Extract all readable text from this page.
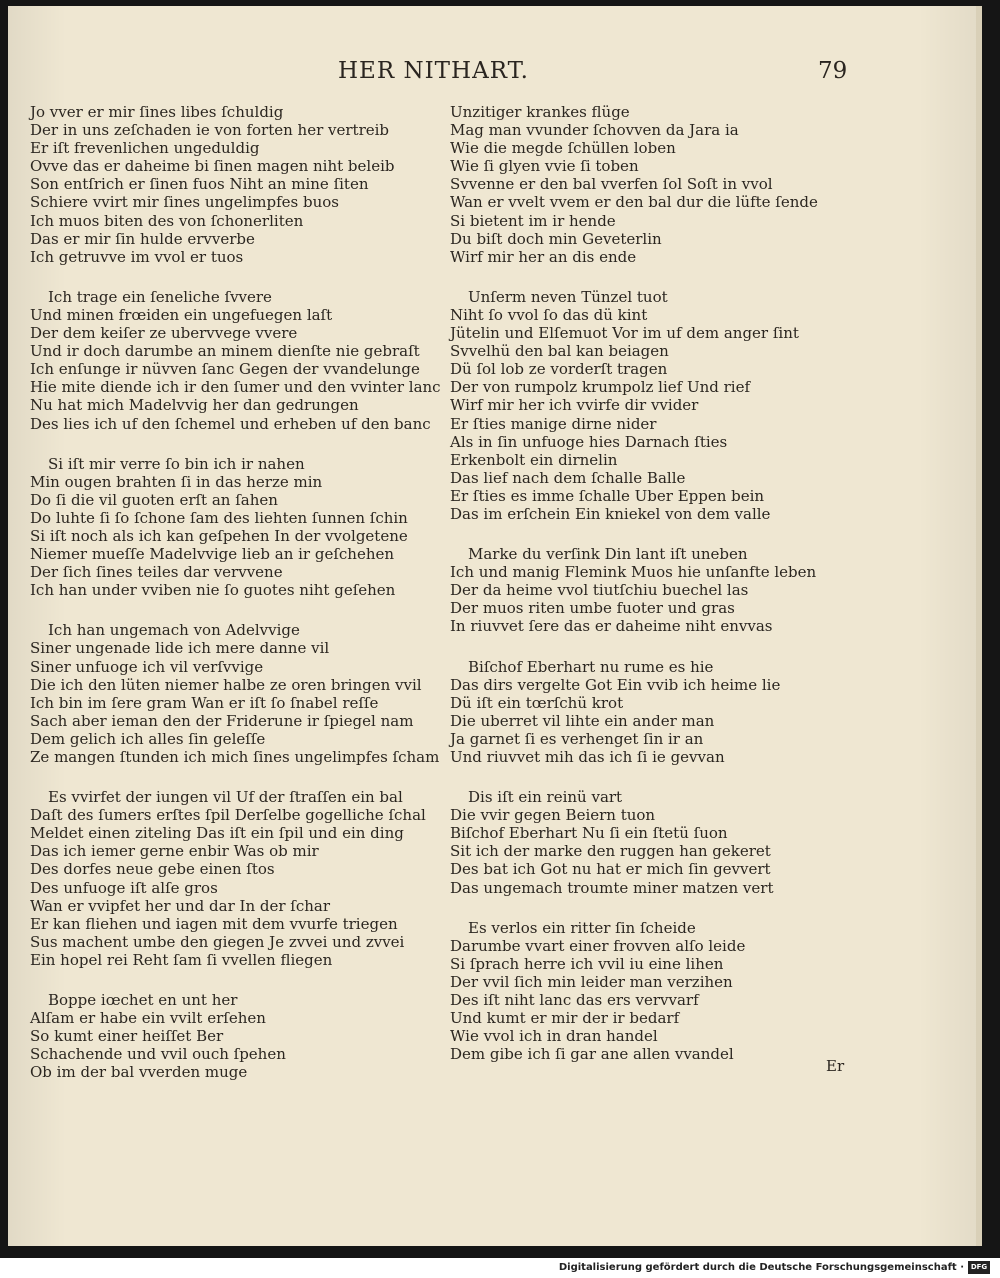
HER NITHART.	79
Jo vver er mir ſines libes ſchuldig
Der in uns zeſchaden ie von forten her vertreib
Er iſt frevenlichen ungeduldig
Ovve das er daheime bi ſinen magen niht beleib
Son entſrich er ſinen fuos Niht an mine ſiten
Schiere vvirt mir ſines ungelimpfes buos
Ich muos biten des von ſchonerliten
Das er mir ſin hulde ervverbe
Ich getruvve im vvol er tuos
Ich trage ein ſeneliche ſvvere
Und minen frœiden ein ungefuegen laſt
Der dem keiſer ze ubervvege vvere
Und ir doch darumbe an minem dienſte nie gebraſt
Ich enſunge ir nüvven ſanc Gegen der vvandelunge
Hie mite diende ich ir den ſumer und den vvinter lanc
Nu hat mich Madelvvig her dan gedrungen
Des lies ich uf den ſchemel und erheben uf den banc
Si iſt mir verre ſo bin ich ir nahen
Min ougen brahten ſi in das herze min
Do ſi die vil guoten erſt an ſahen
Do luhte ſi ſo ſchone ſam des liehten ſunnen ſchin
Si iſt noch als ich kan geſpehen In der vvolgetene
Niemer mueſſe Madelvvige lieb an ir geſchehen
Der ſich ſines teiles dar vervvene
Ich han under vviben nie ſo guotes niht geſehen
Ich han ungemach von Adelvvige
Siner ungenade lide ich mere danne vil
Siner unfuoge ich vil verſvvige
Die ich den lüten niemer halbe ze oren bringen vvil
Ich bin im ſere gram Wan er iſt ſo ſnabel reſſe
Sach aber ieman den der Friderune ir ſpiegel nam
Dem gelich ich alles ſin geleſſe
Ze mangen ſtunden ich mich ſines ungelimpfes ſcham
Es vvirfet der iungen vil Uf der ſtraſſen ein bal
Daſt des ſumers erſtes ſpil Derſelbe gogelliche ſchal
Meldet einen ziteling Das iſt ein ſpil und ein ding
Das ich iemer gerne enbir Was ob mir
Des dorfes neue gebe einen ſtos
Des unfuoge iſt alſe gros
Wan er vvipfet her und dar In der ſchar
Er kan fliehen und iagen mit dem vvurfe triegen
Sus machent umbe den giegen Je zvvei und zvvei
Ein hopel rei Reht ſam ſi vvellen fliegen
Boppe iœchet en unt her
Alſam er habe ein vvilt erſehen
So kumt einer heiſſet Ber
Schachende und vvil ouch ſpehen
Ob im der bal vverden muge
Unzitiger krankes flüge
Mag man vvunder ſchovven da Jara ia
Wie die megde ſchüllen loben
Wie ſi glyen vvie ſi toben
Svvenne er den bal vverfen ſol Soſt in vvol
Wan er vvelt vvem er den bal dur die lüfte ſende
Si bietent im ir hende
Du biſt doch min Geveterlin
Wirf mir her an dis ende
Unſerm neven Tünzel tuot
Niht ſo vvol ſo das dü kint
Jütelin und Elſemuot Vor im uf dem anger ſint
Svvelhü den bal kan beiagen
Dü ſol lob ze vorderſt tragen
Der von rumpolz krumpolz lief Und rief
Wirf mir her ich vvirfe dir vvider
Er ſties manige dirne nider
Als in ſin unfuoge hies Darnach ſties
Erkenbolt ein dirnelin
Das lief nach dem ſchalle Balle
Er ſties es imme ſchalle Uber Eppen bein
Das im erſchein Ein kniekel von dem valle
Marke du verſink Din lant iſt uneben
Ich und manig Flemink Muos hie unſanfte leben
Der da heime vvol tiutſchiu buechel las
Der muos riten umbe fuoter und gras
In riuvvet ſere das er daheime niht envvas
Biſchof Eberhart nu rume es hie
Das dirs vergelte Got Ein vvib ich heime lie
Dü iſt ein tœrſchü krot
Die uberret vil lihte ein ander man
Ja garnet ſi es verhenget ſin ir an
Und riuvvet mih das ich ſi ie gevvan
Dis iſt ein reinü vart
Die vvir gegen Beiern tuon
Biſchof Eberhart Nu ſi ein ſtetü ſuon
Sit ich der marke den ruggen han gekeret
Des bat ich Got nu hat er mich ſin gevvert
Das ungemach troumte miner matzen vert
Es verlos ein ritter ſin ſcheide
Darumbe vvart einer frovven alſo leide
Si ſprach herre ich vvil iu eine lihen
Der vvil ſich min leider man verzihen
Des iſt niht lanc das ers vervvarf
Und kumt er mir der ir bedarf
Wie vvol ich in dran handel
Dem gibe ich ſi gar ane allen vvandel
Er
Digitalisierung gefördert durch die Deutsche Forschungsgemeinschaft · DFG
